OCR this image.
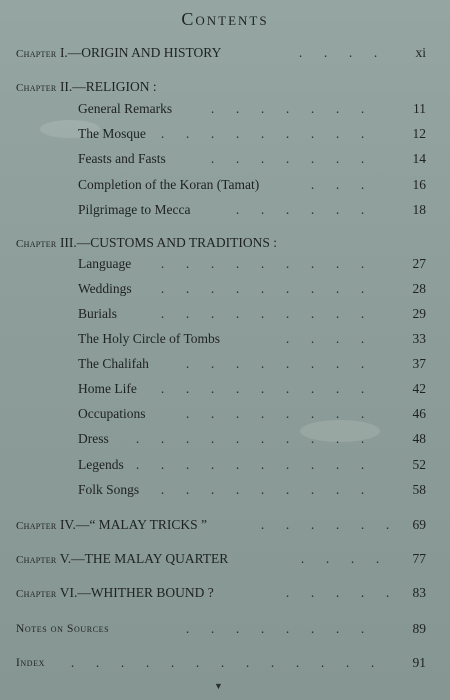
Contents
Chapter I.—ORIGIN AND HISTORY	. . . .	xi
Chapter II.—RELIGION :
General Remarks	. . . . . . .	11
The Mosque	. . . . . . . . .	12
Feasts and Fasts	. . . . . . .	14
Completion of the Koran (Tamat)	. . .	16
Pilgrimage to Mecca	. . . . . .	18
Chapter III.—CUSTOMS AND TRADITIONS :
Language	. . . . . . . . .	27
Weddings	. . . . . . . . .	28
Burials	. . . . . . . . .	29
The Holy Circle of Tombs	. . . .	33
The Chalifah	. . . . . . . .	37
Home Life	. . . . . . . . .	42
Occupations	. . . . . . . .	46
Dress	. . . . . . . . . .	48
Legends . . . . . . . . . .	52
Folk Songs	. . . . . . . . .	58
Chapter IV.—“ MALAY TRICKS ”	. . . . . .	69
Chapter V.—THE MALAY QUARTER	. . . .	77
Chapter VI.—WHITHER BOUND ?	. . . . .	83
Notes on Sources	. . . . . . . .	89
Index	. . . . . . . . . . . . .	91
▼
